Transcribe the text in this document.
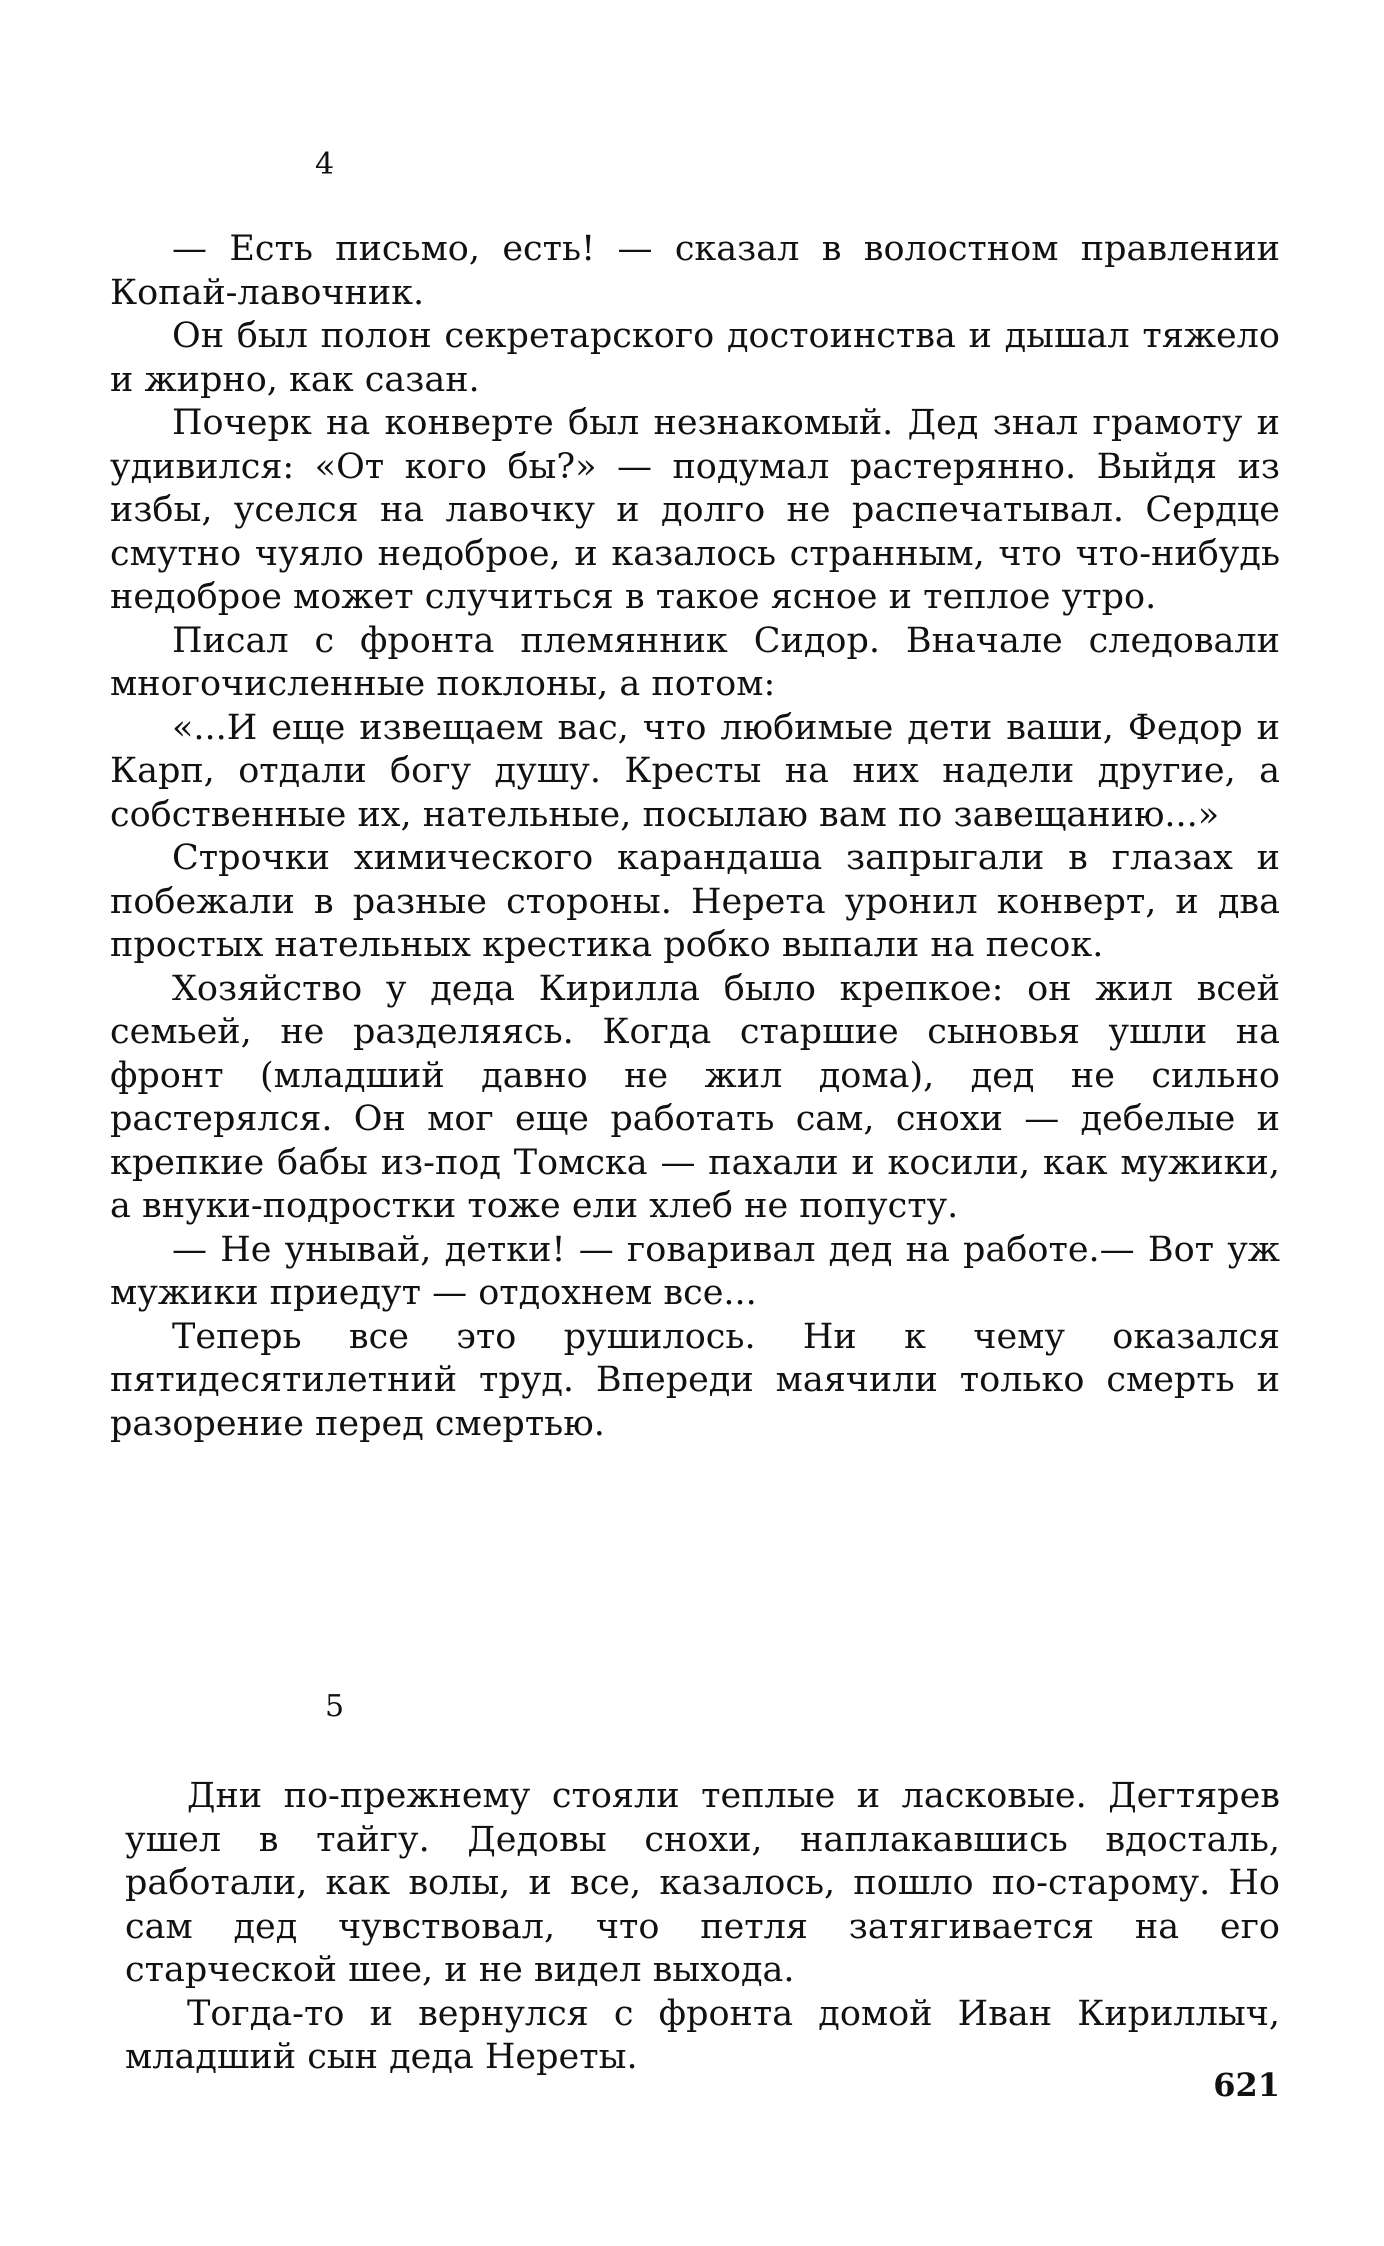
4

— Есть письмо, есть! — сказал в волостном правлении Копай-лавочник.

Он был полон секретарского достоинства и дышал тяжело и жирно, как сазан.

Почерк на конверте был незнакомый. Дед знал грамоту и удивился: «От кого бы?» — подумал растерянно. Выйдя из избы, уселся на лавочку и долго не распечатывал. Сердце смутно чуяло недоброе, и казалось странным, что что-нибудь недоброе может случиться в такое ясное и теплое утро.

Писал с фронта племянник Сидор. Вначале следовали многочисленные поклоны, а потом:

«...И еще извещаем вас, что любимые дети ваши, Федор и Карп, отдали богу душу. Кресты на них надели другие, а собственные их, нательные, посылаю вам по завещанию...»

Строчки химического карандаша запрыгали в глазах и побежали в разные стороны. Нерета уронил конверт, и два простых нательных крестика робко выпали на песок.

Хозяйство у деда Кирилла было крепкое: он жил всей семьей, не разделяясь. Когда старшие сыновья ушли на фронт (младший давно не жил дома), дед не сильно растерялся. Он мог еще работать сам, снохи — дебелые и крепкие бабы из-под Томска — пахали и косили, как мужики, а внуки-подростки тоже ели хлеб не попусту.

— Не унывай, детки! — говаривал дед на работе.— Вот уж мужики приедут — отдохнем все...

Теперь все это рушилось. Ни к чему оказался пятидесятилетний труд. Впереди маячили только смерть и разорение перед смертью.

5

Дни по-прежнему стояли теплые и ласковые. Дегтярев ушел в тайгу. Дедовы снохи, наплакавшись вдосталь, работали, как волы, и все, казалось, пошло по-старому. Но сам дед чувствовал, что петля затягивается на его старческой шее, и не видел выхода.

Тогда-то и вернулся с фронта домой Иван Кириллыч, младший сын деда Нереты.

621
